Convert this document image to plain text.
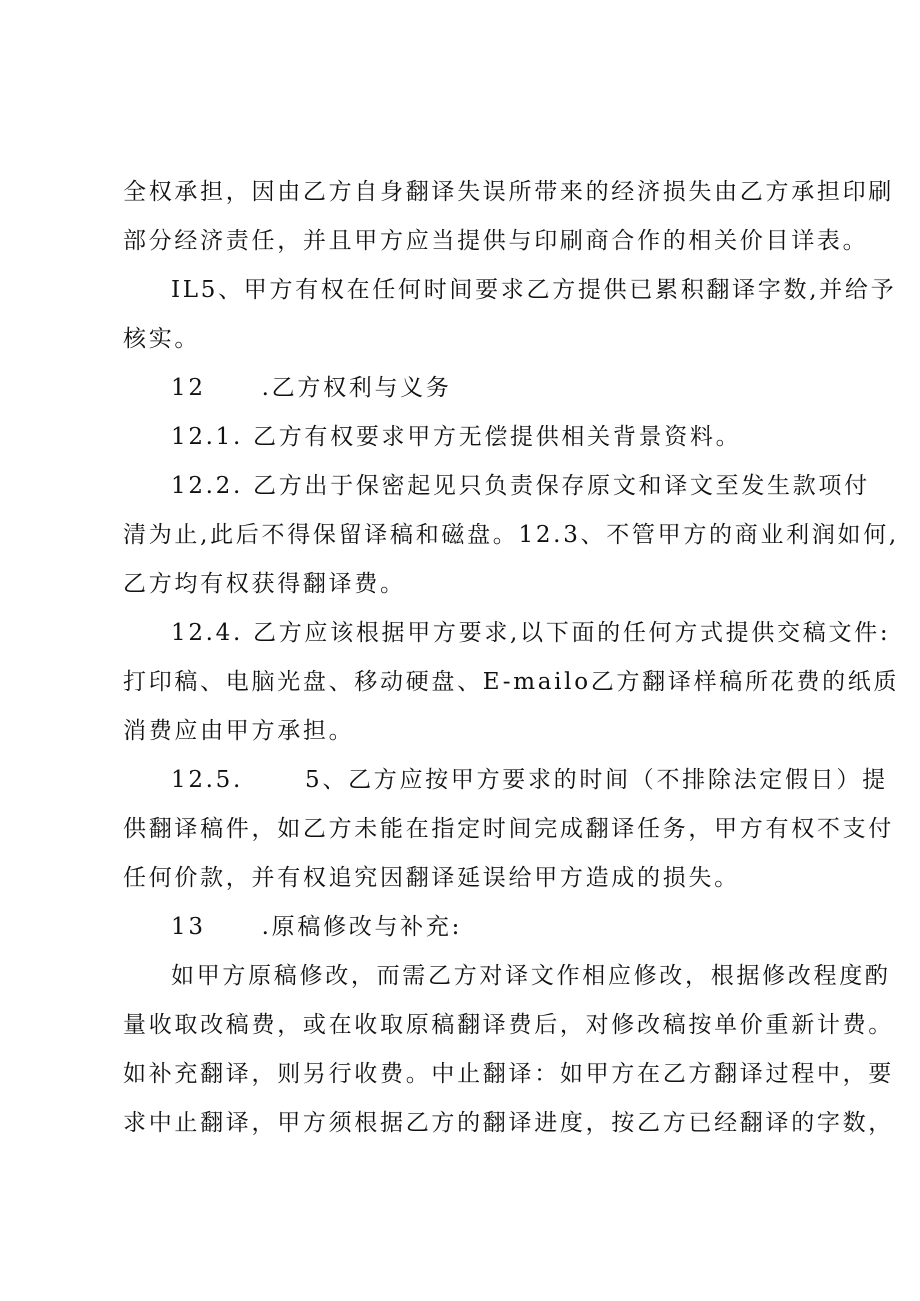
全权承担，因由乙方自身翻译失误所带来的经济损失由乙方承担印刷
部分经济责任，并且甲方应当提供与印刷商合作的相关价目详表。
IL5、甲方有权在任何时间要求乙方提供已累积翻译字数,并给予
核实。
12 .乙方权利与义务
12.1. 乙方有权要求甲方无偿提供相关背景资料。
12.2. 乙方出于保密起见只负责保存原文和译文至发生款项付
清为止,此后不得保留译稿和磁盘。12.3、不管甲方的商业利润如何,
乙方均有权获得翻译费。
12.4. 乙方应该根据甲方要求,以下面的任何方式提供交稿文件:
打印稿、电脑光盘、移动硬盘、E-mailo乙方翻译样稿所花费的纸质
消费应由甲方承担。
12.5.	5、乙方应按甲方要求的时间（不排除法定假日）提
供翻译稿件，如乙方未能在指定时间完成翻译任务，甲方有权不支付
任何价款，并有权追究因翻译延误给甲方造成的损失。
13 .原稿修改与补充:
如甲方原稿修改，而需乙方对译文作相应修改，根据修改程度酌
量收取改稿费，或在收取原稿翻译费后，对修改稿按单价重新计费。
如补充翻译，则另行收费。中止翻译：如甲方在乙方翻译过程中，要
求中止翻译，甲方须根据乙方的翻译进度，按乙方已经翻译的字数，
